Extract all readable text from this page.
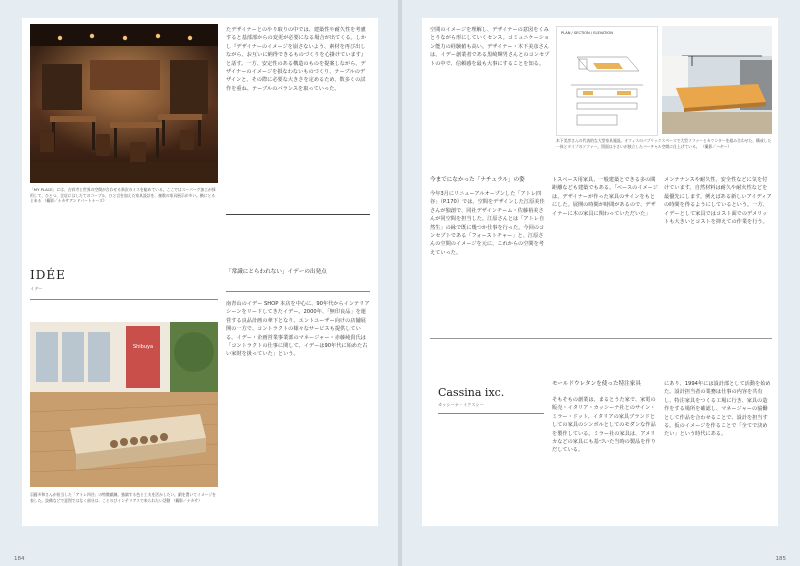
「MY PLACE」には、吉祥寺と世界の空間が合わせる異次のイスを総めている。ここではスーパーグ加工が採用して、ひとつ、全店にはしたてのコーブル、ひと言を加えた家具設計を、複数の家具展示が多い。横にとるとある （撮影／ナカサアンドパートナーズ）
たデザイナーとのやり取りの中では、建築性や耐久性を考慮すると基部部からの変更が必要になる場合が出てくる。しかし『デザイナーのイメージを崩さないよう、素材を再び出しながら、お互いに納得できるものづくりを心掛けています』と話す。一方、安定性のある構造のものを提案しながら、デザイナーのイメージを損なわないものづくり、テーブルのデザインと、その際に必要な大きさを定めるため、数多くの試作を重ね、テーブルのバランスを取っていった。
IDÉE
イデー
「常識にとらわれない」イデーの出発点
Shibuya
羽藤多和さんが担当した「アトレ四谷」の特徴鍛錬。強調する色と工夫を活かしたい。鍛を置いてイメージを表した。設備などで意図ではなく部分は、ことのびインテリアスで来られたい活動 （撮影／ナカサ）
南青山のイデー SHOP 本店を中心に、90年代からインテリアシーンをリードしてきたイデー。2000年、「無印良品」を運営する良品計画の傘下となり、エントユーザー向けの店舗展開の一方で、コントラクトの様々なサービスも提供している。イデー・企画営業事業部のマネージャー・赤藤純貴氏は「コントラクトの仕事に関して、イデーは90年代に始めた古い家財を扱っていた」という。
184
空間のイメージを理解し、デザイナーの意図をくみとりながら形にしていくセンス。コミュニケーション能力の経験値も高い。デザイナー・木下美彦さんは、イデー創業者である黒崎輝男さんとのコンセプトの中で、信頼感を最も大事にすることを知る。
PLAN / SECTION / ELEVATION
木下美彦さんの代表的な大型家具施設。オフィスのパブリックスペースで大型ソファーとカウンターを組み合わせた、構成した一体とタイプのソファー。図面は小さいが独立したバーチャル空間に仕上げている。 （撮影／ハギー）
今までになかった「ナチュラル」の姿
今年3月にリニューアルオープンした「アトレ四谷」（P.170）では、空間をデザインした江原美佳さんが独創で、同社デザインチーム・佐藤裕美さんが同空間を担当した。江原さんとは「アトレ自然生」の縁で既に幾つか仕事を行った。今回のコンセプトである「フォーストチャー」と、江原さんの空間のイメージを元に、これからの空間を考えていった。
トスペース用家具、一般建築とできる多の間距離なども建築でもある。「ベースのイメージは、デザイナーが作った家具のサインをもとにした。展開の時間が時間があるので、デザイナーに木の家具に関わっていただいた」
メンテナンスや耐久性、安全性などに気を付けています。自然材料は耐久や耐火性などを最優先にします。例えばある新しいアイディアの時間を得るようにしているという。一方、イデーとして家具ではコスト面でのデメリットも大きいとコストを抑えての作業を行う。
Cassina ixc.
カッシーナ・イクスシー
モールドウレタンを使った特注家具
そもそもの創業は、まるとうた家で、家電の販売・イタリア・カッシーナ社とのサイン・ミラー・ドット、イタリアの家具ブランドとしての家具のシンボルとしてのモダンな作品を製作している。ミラー社の家具は、アメリカなどの家具にも基づいた当時の製品を作りだしている。
にあり、1994年には設計部として活動を始めた。設計担当者の業務は仕事の内容を共有し、特注家具をつくる工場に行き、家具の造作をする場所を確認し、マネージャーの協働として作品を合わせることで、設計を担当する。仮のイメージを作ることで「全てで決めたい」という時代にある。
185
